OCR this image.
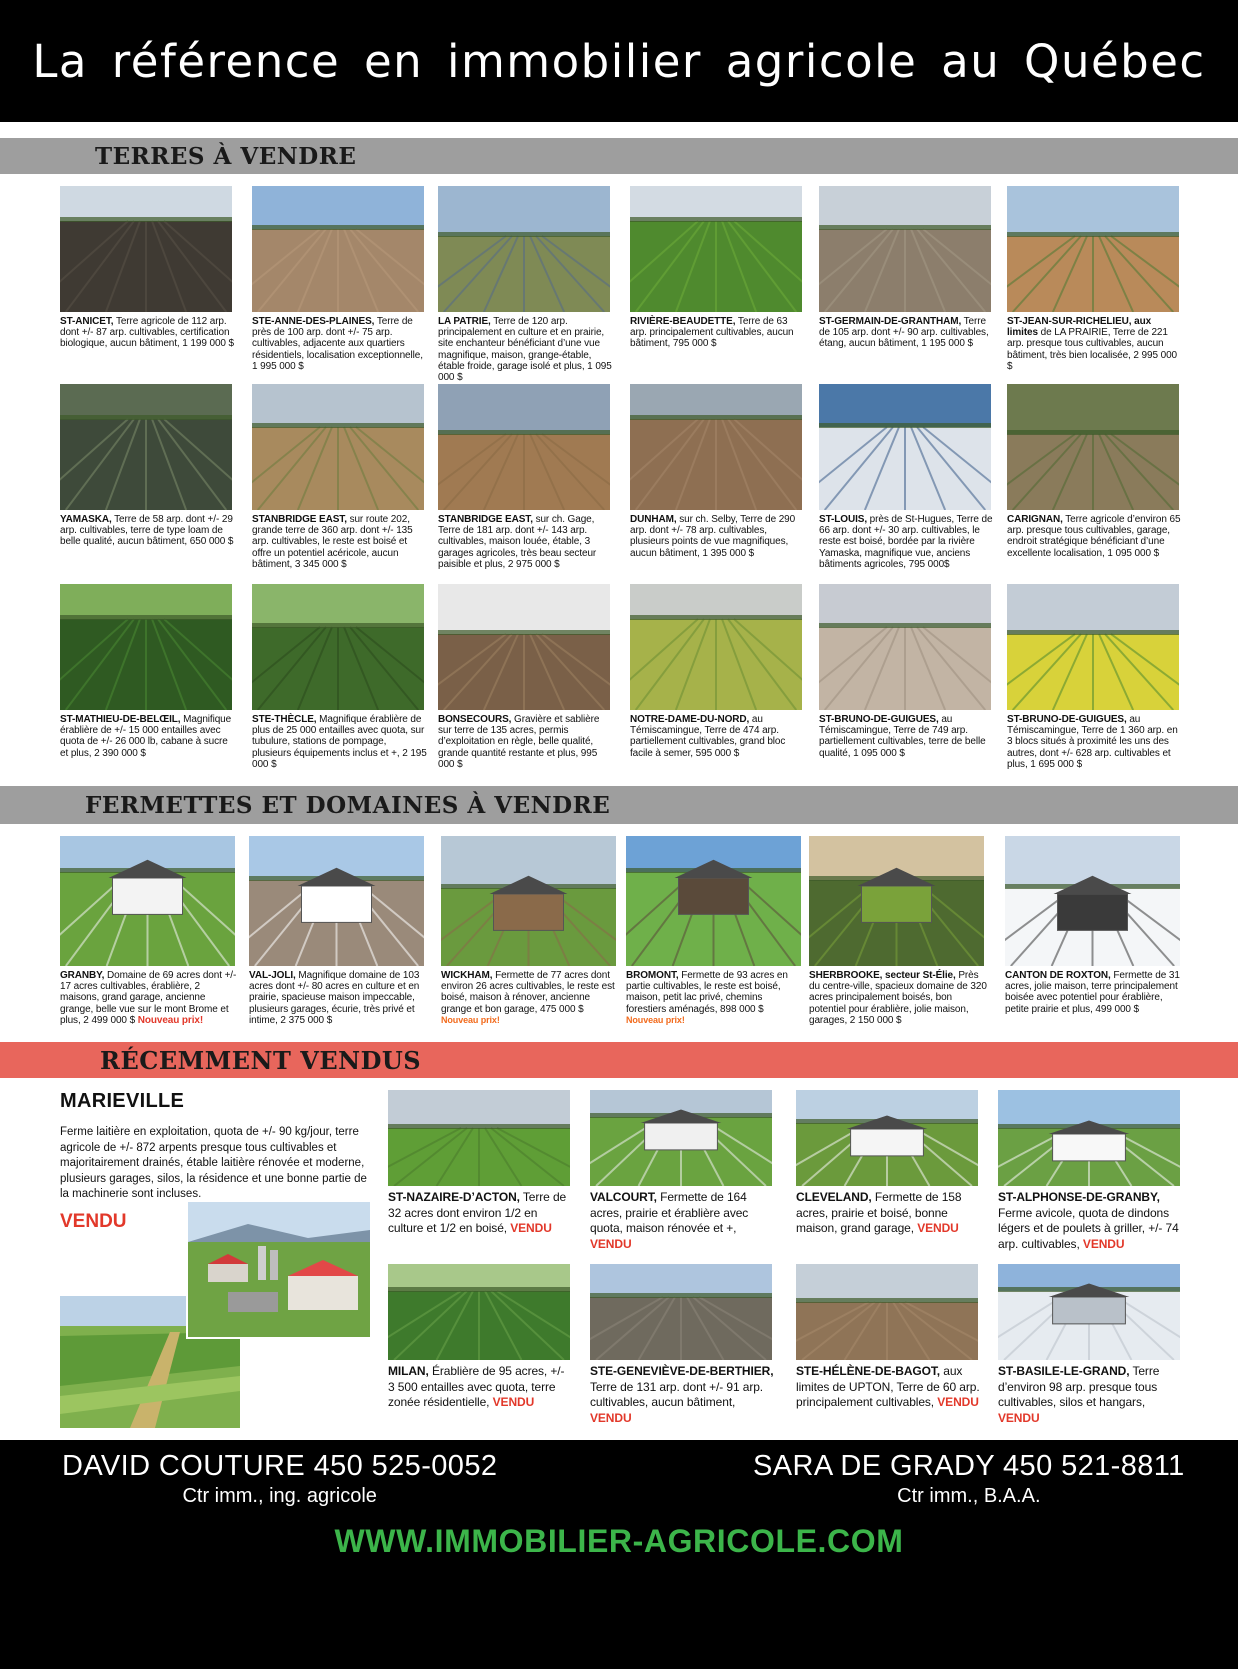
La référence en immobilier agricole au Québec
TERRES À VENDRE
ST-ANICET, Terre agricole de 112 arp. dont +/- 87 arp. cultivables, certification biologique, aucun bâtiment, 1 199 000 $
STE-ANNE-DES-PLAINES, Terre de près de 100 arp. dont +/- 75 arp. cultivables, adjacente aux quartiers résidentiels, localisation exceptionnelle, 1 995 000 $
LA PATRIE, Terre de 120 arp. principalement en culture et en prairie, site enchanteur bénéficiant d’une vue magnifique, maison, grange-étable, étable froide, garage isolé et plus, 1 095 000 $
RIVIÈRE-BEAUDETTE, Terre de 63 arp. principalement cultivables, aucun bâtiment, 795 000 $
ST-GERMAIN-DE-GRANTHAM, Terre de 105 arp. dont +/- 90 arp. cultivables, étang, aucun bâtiment, 1 195 000 $
ST-JEAN-SUR-RICHELIEU, aux limites de LA PRAIRIE, Terre de 221 arp. presque tous cultivables, aucun bâtiment, très bien localisée, 2 995 000 $
YAMASKA, Terre de 58 arp. dont +/- 29 arp. cultivables, terre de type loam de belle qualité, aucun bâtiment, 650 000 $
STANBRIDGE EAST, sur route 202, grande terre de 360 arp. dont +/- 135 arp. cultivables, le reste est boisé et offre un potentiel acéricole, aucun bâtiment, 3 345 000 $
STANBRIDGE EAST, sur ch. Gage, Terre de 181 arp. dont +/- 143 arp. cultivables, maison louée, étable, 3 garages agricoles, très beau secteur paisible et plus, 2 975 000 $
DUNHAM, sur ch. Selby, Terre de 290 arp. dont +/- 78 arp. cultivables, plusieurs points de vue magnifiques, aucun bâtiment, 1 395 000 $
ST-LOUIS, près de St-Hugues, Terre de 66 arp. dont +/- 30 arp. cultivables, le reste est boisé, bordée par la rivière Yamaska, magnifique vue, anciens bâtiments agricoles, 795 000$
CARIGNAN, Terre agricole d’environ 65 arp. presque tous cultivables, garage, endroit stratégique bénéficiant d’une excellente localisation, 1 095 000 $
ST-MATHIEU-DE-BELŒIL, Magnifique érablière de +/- 15 000 entailles avec quota de +/- 26 000 lb, cabane à sucre et plus, 2 390 000 $
STE-THÈCLE, Magnifique érablière de plus de 25 000 entailles avec quota, sur tubulure, stations de pompage, plusieurs équipements inclus et +, 2 195 000 $
BONSECOURS, Gravière et sablière sur terre de 135 acres, permis d’exploitation en règle, belle qualité, grande quantité restante et plus, 995 000 $
NOTRE-DAME-DU-NORD, au Témiscamingue, Terre de 474 arp. partiellement cultivables, grand bloc facile à semer, 595 000 $
ST-BRUNO-DE-GUIGUES, au Témiscamingue, Terre de 749 arp. partiellement cultivables, terre de belle qualité, 1 095 000 $
ST-BRUNO-DE-GUIGUES, au Témiscamingue, Terre de 1 360 arp. en 3 blocs situés à proximité les uns des autres, dont +/- 628 arp. cultivables et plus, 1 695 000 $
FERMETTES ET DOMAINES À VENDRE
GRANBY, Domaine de 69 acres dont +/- 17 acres cultivables, érablière, 2 maisons, grand garage, ancienne grange, belle vue sur le mont Brome et plus, 2 499 000 $ Nouveau prix!
VAL-JOLI, Magnifique domaine de 103 acres dont +/- 80 acres en culture et en prairie, spacieuse maison impeccable, plusieurs garages, écurie, très privé et intime, 2 375 000 $
WICKHAM, Fermette de 77 acres dont environ 26 acres cultivables, le reste est boisé, maison à rénover, ancienne grange et bon garage, 475 000 $
Nouveau prix!
BROMONT, Fermette de 93 acres en partie cultivables, le reste est boisé, maison, petit lac privé, chemins forestiers aménagés, 898 000 $
Nouveau prix!
SHERBROOKE, secteur St-Élie, Près du centre-ville, spacieux domaine de 320 acres principalement boisés, bon potentiel pour érablière, jolie maison, garages, 2 150 000 $
CANTON DE ROXTON, Fermette de 31 acres, jolie maison, terre principalement boisée avec potentiel pour érablière, petite prairie et plus, 499 000 $
RÉCEMMENT VENDUS
MARIEVILLE
Ferme laitière en exploitation, quota de +/- 90 kg/jour, terre agricole de +/- 872 arpents presque tous cultivables et majoritairement drainés, étable laitière rénovée et moderne, plusieurs garages, silos, la résidence et une bonne partie de la machinerie sont incluses.
VENDU
ST-NAZAIRE-D’ACTON, Terre de 32 acres dont environ 1/2 en culture et 1/2 en boisé, VENDU
VALCOURT, Fermette de 164 acres, prairie et érablière avec quota, maison rénovée et +, VENDU
CLEVELAND, Fermette de 158 acres, prairie et boisé, bonne maison, grand garage, VENDU
ST-ALPHONSE-DE-GRANBY, Ferme avicole, quota de dindons légers et de poulets à griller, +/- 74 arp. cultivables, VENDU
MILAN, Érablière de 95 acres, +/- 3 500 entailles avec quota, terre zonée résidentielle, VENDU
STE-GENEVIÈVE-DE-BERTHIER, Terre de 131 arp. dont +/- 91 arp. cultivables, aucun bâtiment, VENDU
STE-HÉLÈNE-DE-BAGOT, aux limites de UPTON, Terre de 60 arp. principalement cultivables, VENDU
ST-BASILE-LE-GRAND, Terre d’environ 98 arp. presque tous cultivables, silos et hangars, VENDU
DAVID COUTURE 450 525-0052
Ctr imm., ing. agricole
SARA DE GRADY 450 521-8811
Ctr imm., B.A.A.
WWW.IMMOBILIER-AGRICOLE.COM
